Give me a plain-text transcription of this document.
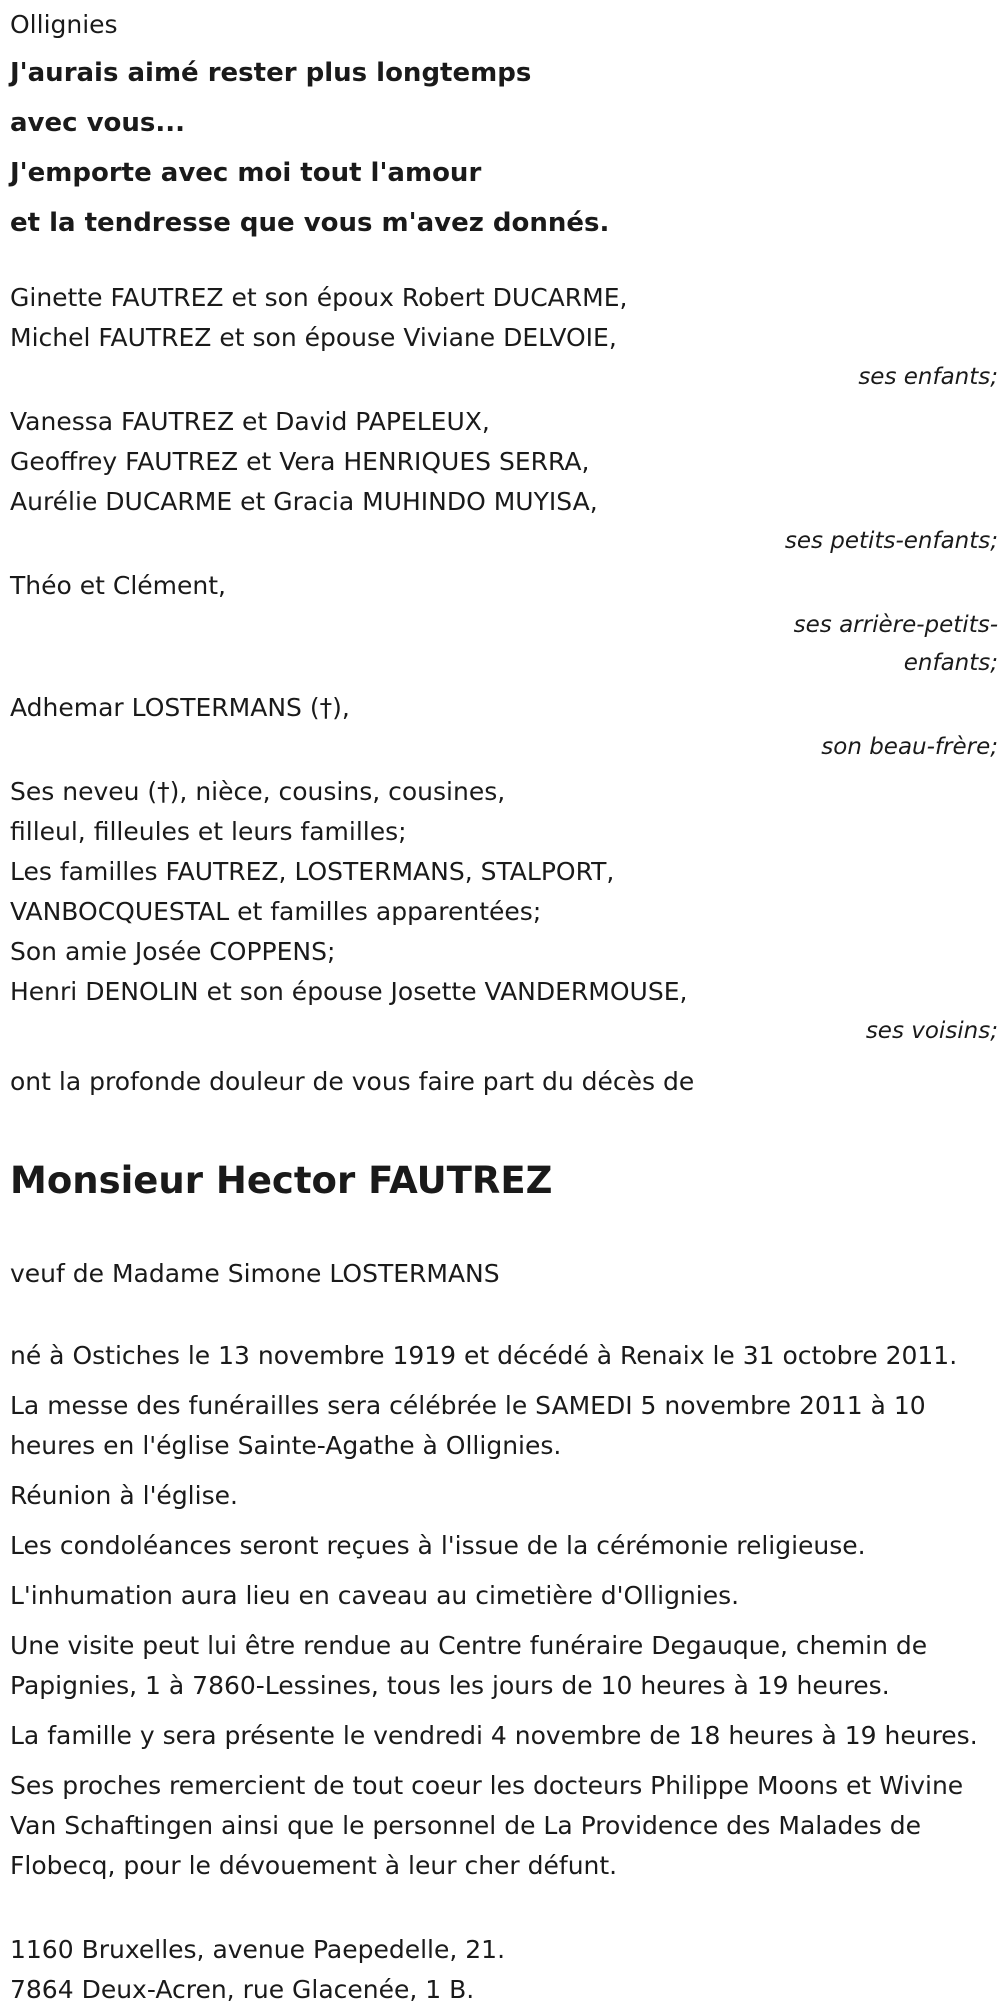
Ollignies
J'aurais aimé rester plus longtemps
avec vous...
J'emporte avec moi tout l'amour
et la tendresse que vous m'avez donnés.
Ginette FAUTREZ et son époux Robert DUCARME,
Michel FAUTREZ et son épouse Viviane DELVOIE,
ses enfants;
Vanessa FAUTREZ et David PAPELEUX,
Geoffrey FAUTREZ et Vera HENRIQUES SERRA,
Aurélie DUCARME et Gracia MUHINDO MUYISA,
ses petits-enfants;
Théo et Clément,
ses arrière-petits-enfants;
Adhemar LOSTERMANS (†),
son beau-frère;
Ses neveu (†), nièce, cousins, cousines,
filleul, filleules et leurs familles;
Les familles FAUTREZ, LOSTERMANS, STALPORT,
VANBOCQUESTAL et familles apparentées;
Son amie Josée COPPENS;
Henri DENOLIN et son épouse Josette VANDERMOUSE,
ses voisins;
ont la profonde douleur de vous faire part du décès de
Monsieur Hector FAUTREZ
veuf de Madame Simone LOSTERMANS
né à Ostiches le 13 novembre 1919 et décédé à Renaix le 31 octobre 2011.
La messe des funérailles sera célébrée le SAMEDI 5 novembre 2011 à 10 heures en l'église Sainte-Agathe à Ollignies.
Réunion à l'église.
Les condoléances seront reçues à l'issue de la cérémonie religieuse.
L'inhumation aura lieu en caveau au cimetière d'Ollignies.
Une visite peut lui être rendue au Centre funéraire Degauque, chemin de Papignies, 1 à 7860-Lessines, tous les jours de 10 heures à 19 heures.
La famille y sera présente le vendredi 4 novembre de 18 heures à 19 heures.
Ses proches remercient de tout coeur les docteurs Philippe Moons et Wivine Van Schaftingen ainsi que le personnel de La Providence des Malades de Flobecq, pour le dévouement à leur cher défunt.
1160 Bruxelles, avenue Paepedelle, 21.
7864 Deux-Acren, rue Glacenée, 1 B.
